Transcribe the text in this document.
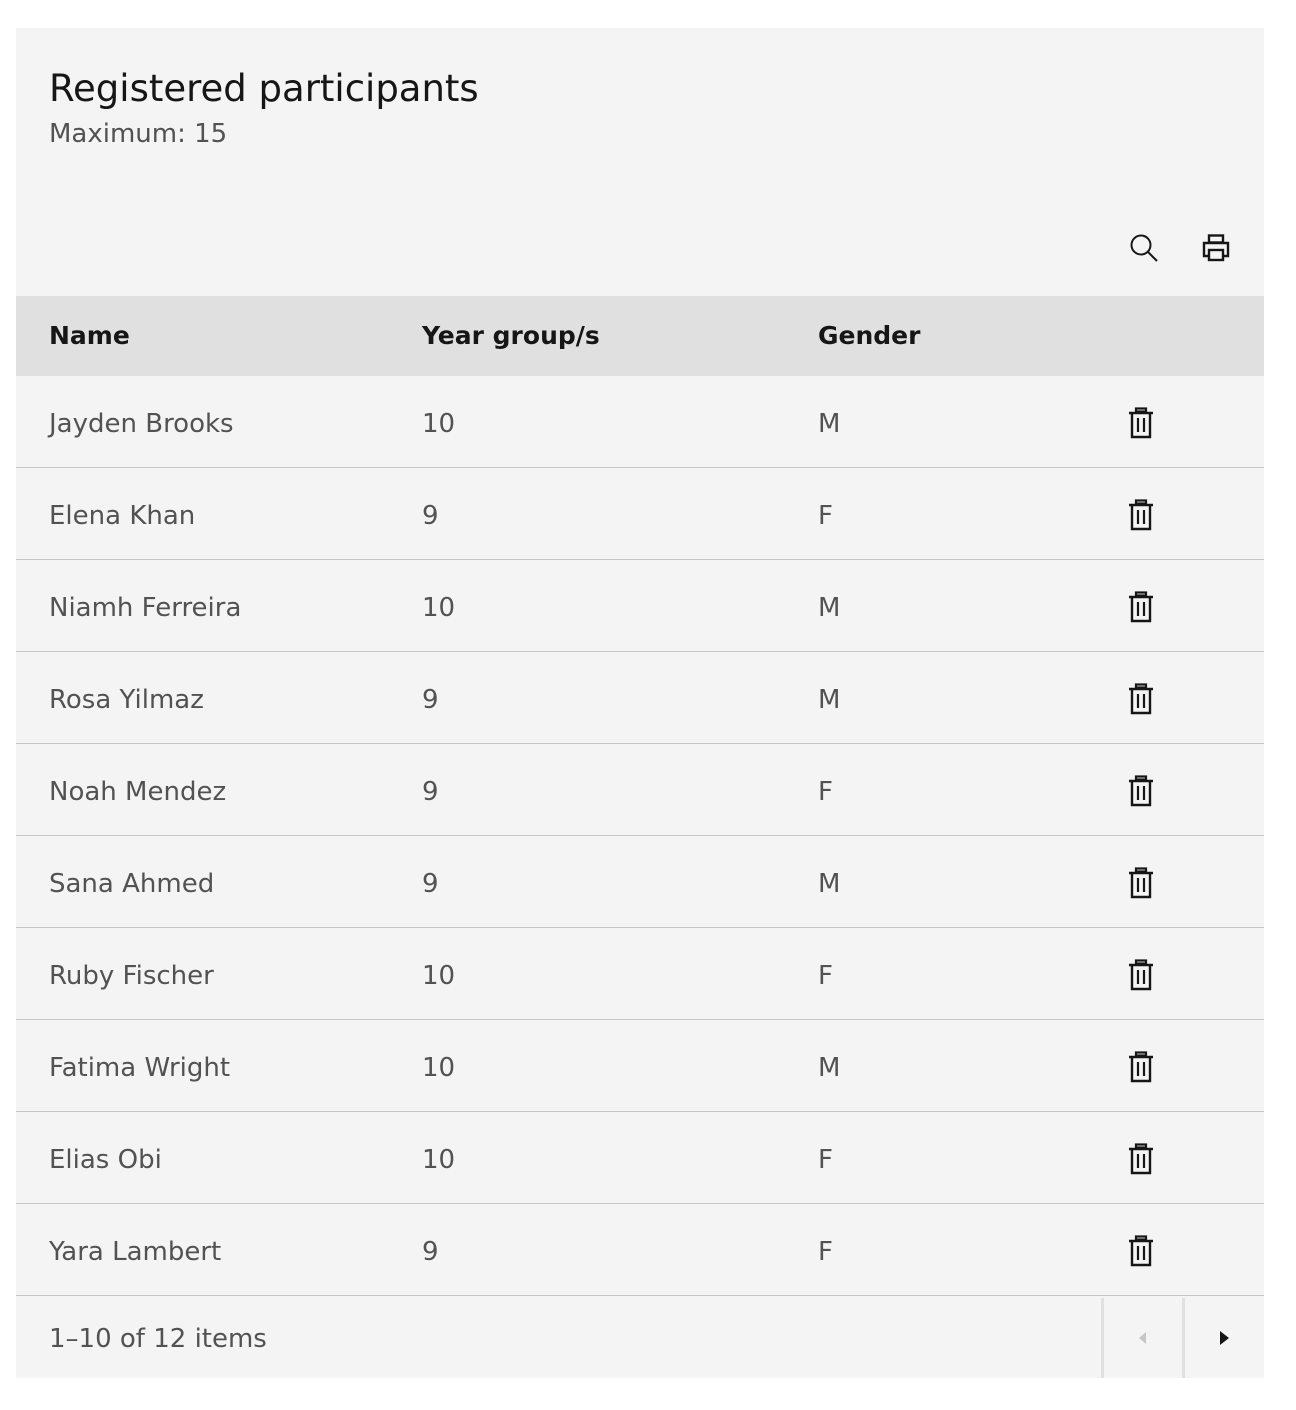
Registered participants
Maximum: 15
Name	Year group/s	Gender
Jayden Brooks	10	M
Elena Khan	9	F
Niamh Ferreira	10	M
Rosa Yilmaz	9	M
Noah Mendez	9	F
Sana Ahmed	9	M
Ruby Fischer	10	F
Fatima Wright	10	M
Elias Obi	10	F
Yara Lambert	9	F
1–10 of 12 items
